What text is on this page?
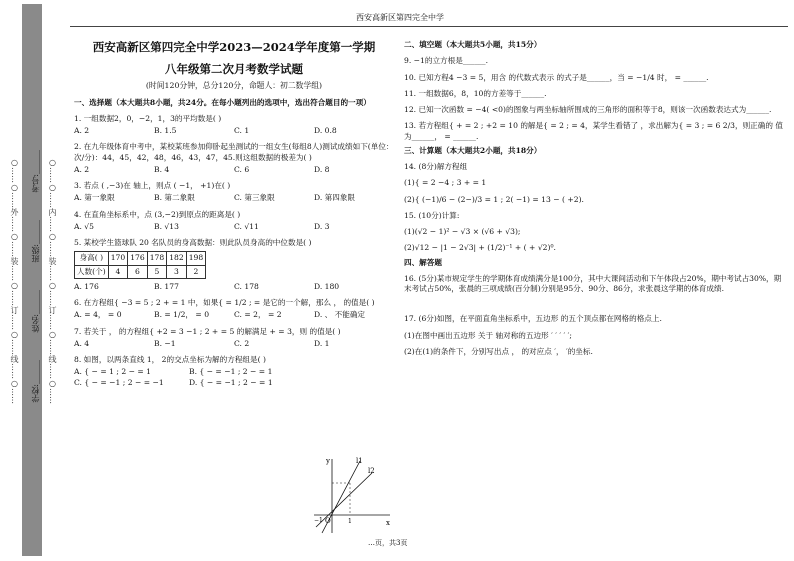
○……○……外……○……装……○……订……○……线……○……	○……○……内……○……装……○……订……○……线……○……
学校:______
姓名:______
班级:______
考号:______
西安高新区第四完全中学
西安高新区第四完全中学2023—2024学年度第一学期
八年级第二次月考数学试题
(时间120分钟，总分120分，命题人：初二数学组)
一、选择题（本大题共8小题，共24分。在每小题列出的选项中，选出符合题目的一项）
1. 一组数据2，0，−2，1，3的平均数是( )
A. 2	B. 1.5	C. 1	D. 0.8
2. 在九年级体育中考中，某校某班参加仰卧起坐测试的一组女生(每组8人)测试成绩如下(单位：次/分)：44，45，42，48，46，43，47，45.则这组数据的极差为( )
A. 2	B. 4	C. 6	D. 8
3. 若点 ( ,−3)在 轴上，则点 ( −1， +1)在( )
A. 第一象限	B. 第二象限	C. 第三象限	D. 第四象限
4. 在直角坐标系中，点 (3,−2)到原点的距离是( )
A. √5	B. √13	C. √11	D. 3
5. 某校学生篮球队 20 名队员的身高数据：则此队员身高的中位数是( )
身高( )	170	176	178	182	198
人数(个)	4	6	5	3	2
A. 176	B. 177	C. 178	D. 180
6. 在方程组{ −3 = 5 ; 2 + = 1 中，如果{ = 1/2 ; = 是它的一个解，那么 ， 的值是( )
A. = 4， = 0	B. = 1/2， = 0	C. = 2， = 2	D. 、 不能确定
7. 若关于 ， 的方程组{ +2 = 3 −1 ; 2 + = 5 的解满足 + = 3，则 的值是( )
A. 4	B. −1	C. 2	D. 1
8. 如图，以两条直线 1， 2的交点坐标为解的方程组是( )
A. { − = 1 ; 2 − = 1	B. { − = −1 ; 2 − = 1
C. { − = −1 ; 2 − = −1	D. { − = −1 ; 2 − = 1
y
x
O
l1
l2
−1	1
二、填空题（本大题共5小题，共15分）
9. −1的立方根是______.
10. 已知方程4 −3 = 5，用含 的代数式表示 的式子是______，当 = −1/4 时， = ______.
11. 一组数据6，8，10的方差等于______.
12. 已知一次函数 = −4( <0)的图象与两坐标轴所围成的三角形的面积等于8，则该一次函数表达式为______.
13. 若方程组{ + = 2 ; +2 = 10 的解是{ = 2 ; = 4，某学生看错了 ，求出解为{ = 3 ; = 6 2/3，则正确的 值为______， = ______.
三、计算题（本大题共2小题，共18分）
14. (8分)解方程组
(1){ = 2 −4 ; 3 + = 1
(2){ (−1)/6 − (2−)/3 = 1 ; 2( −1) = 13 − ( +2).
15. (10分)计算:
(1)(√2 − 1)² − √3 × (√6 + √3);
(2)√12 − |1 − 2√3| + (1/2)⁻¹ + ( + √2)⁰.
四、解答题
16. (5分)某市规定学生的学期体育成绩满分是100分，其中大课间活动和下午体段占20%，期中考试占30%，期末考试占50%，张晨的三项成绩(百分制)分别是95分、90分、86分，求张晨这学期的体育成绩.
17. (6分)如图，在平面直角坐标系中，五边形 的五个顶点都在网格的格点上.
(1)在图中画出五边形 关于 轴对称的五边形 ′ ′ ′ ′ ′;
(2)在(1)的条件下，分别写出点 ， 的对应点 ′， ′的坐标.
…页，共3页
